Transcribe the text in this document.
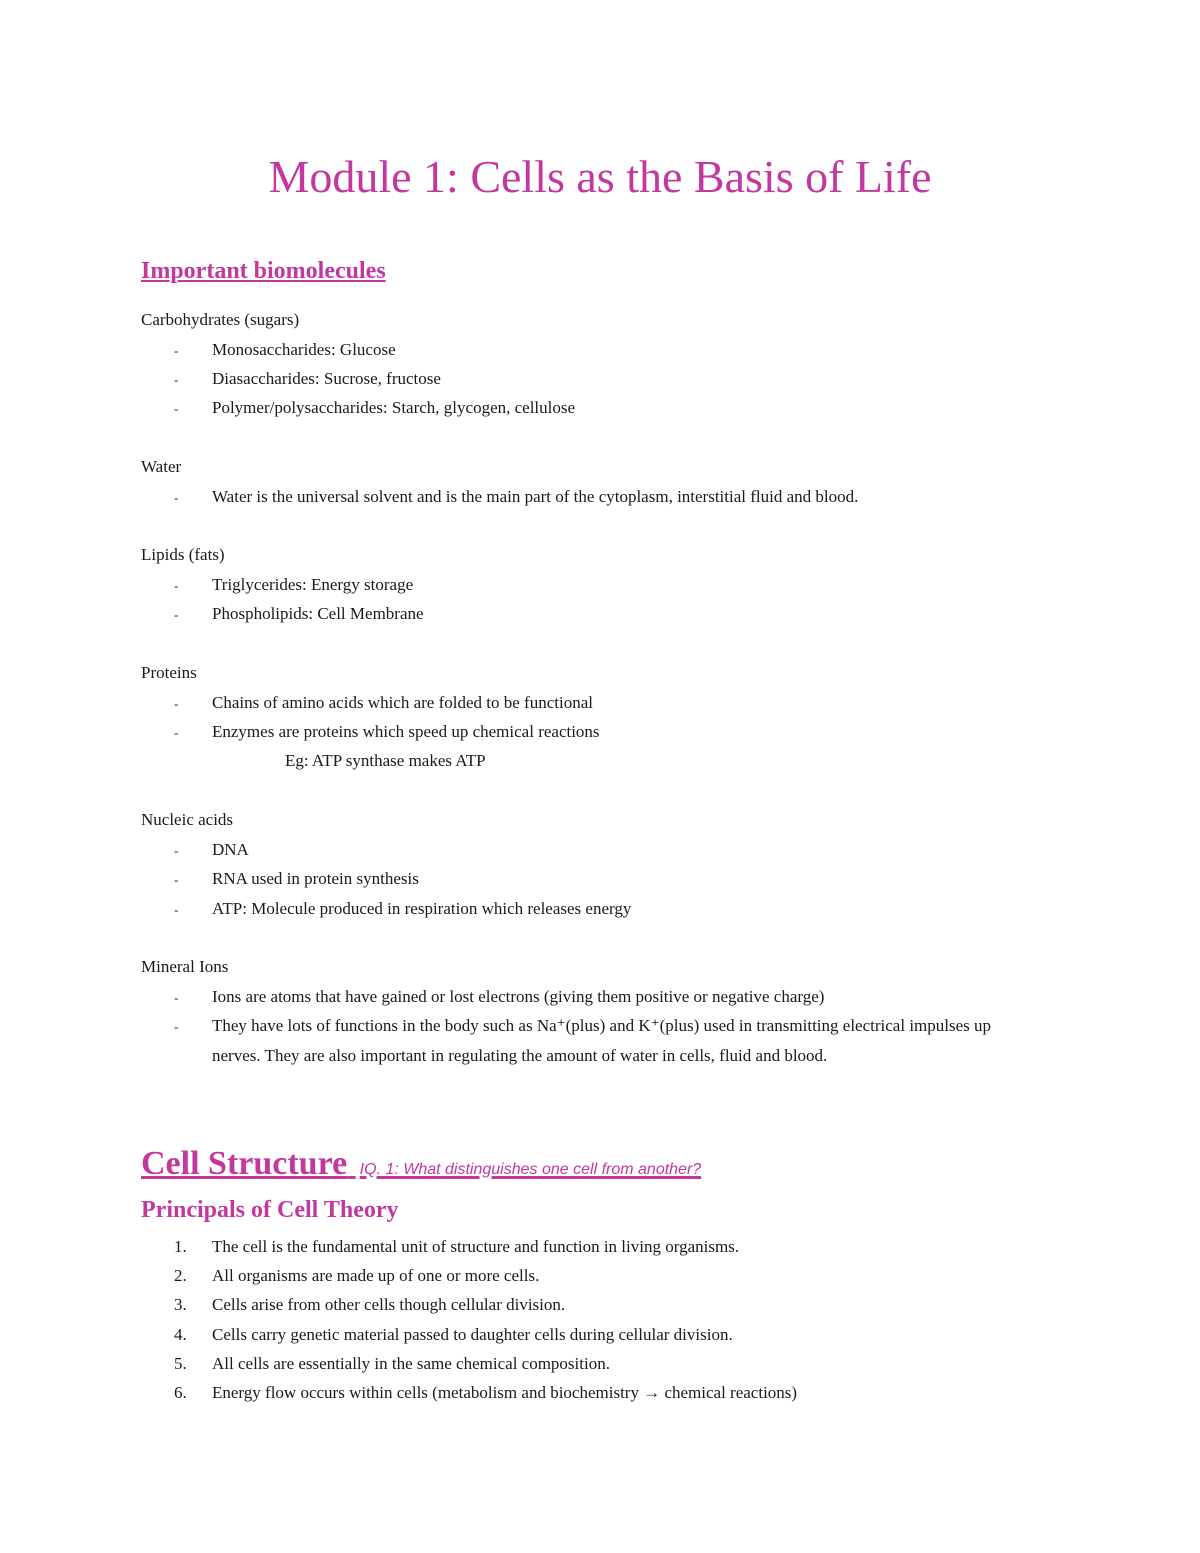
Module 1: Cells as the Basis of Life
Important biomolecules
Carbohydrates (sugars)
- Monosaccharides: Glucose
- Diasaccharides: Sucrose, fructose
- Polymer/polysaccharides: Starch, glycogen, cellulose
Water
- Water is the universal solvent and is the main part of the cytoplasm, interstitial fluid and blood.
Lipids (fats)
- Triglycerides: Energy storage
- Phospholipids: Cell Membrane
Proteins
- Chains of amino acids which are folded to be functional
- Enzymes are proteins which speed up chemical reactions
Eg: ATP synthase makes ATP
Nucleic acids
- DNA
- RNA used in protein synthesis
- ATP: Molecule produced in respiration which releases energy
Mineral Ions
- Ions are atoms that have gained or lost electrons (giving them positive or negative charge)
- They have lots of functions in the body such as Na⁺(plus) and K⁺(plus) used in transmitting electrical impulses up
nerves. They are also important in regulating the amount of water in cells, fluid and blood.
Cell Structure IQ. 1: What distinguishes one cell from another?
Principals of Cell Theory
1. The cell is the fundamental unit of structure and function in living organisms.
2. All organisms are made up of one or more cells.
3. Cells arise from other cells though cellular division.
4. Cells carry genetic material passed to daughter cells during cellular division.
5. All cells are essentially in the same chemical composition.
6. Energy flow occurs within cells (metabolism and biochemistry → chemical reactions)
